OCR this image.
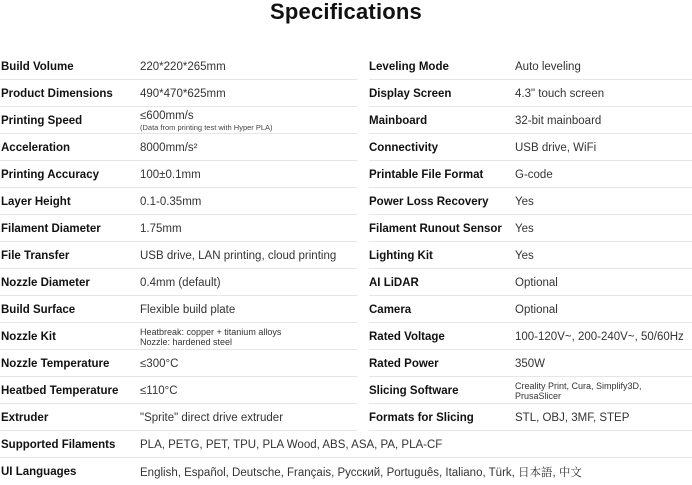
Specifications
Build Volume	220*220*265mm
Product Dimensions 490*470*625mm
Printing Speed	≤600mm/s
(Data from printing test with Hyper PLA)
Acceleration	8000mm/s²
Printing Accuracy	100±0.1mm
Layer Height	0.1-0.35mm
Filament Diameter	1.75mm
File Transfer	USB drive, LAN printing, cloud printing
Nozzle Diameter	0.4mm (default)
Build Surface	Flexible build plate
Nozzle Kit	Heatbreak: copper + titanium alloys
Nozzle: hardened steel
Nozzle Temperature	≤300°C
Heatbed Temperature ≤110°C
Extruder	"Sprite" direct drive extruder
Leveling Mode	Auto leveling
Display Screen	4.3" touch screen
Mainboard	32-bit mainboard
Connectivity	USB drive, WiFi
Printable File Format	G-code
Power Loss Recovery Yes
Filament Runout Sensor Yes
Lighting Kit	Yes
AI LiDAR	Optional
Camera	Optional
Rated Voltage	100-120V~, 200-240V~, 50/60Hz
Rated Power	350W
Slicing Software	Creality Print, Cura, Simplify3D,
PrusaSlicer
Formats for Slicing	STL, OBJ, 3MF, STEP
Supported Filaments PLA, PETG, PET, TPU, PLA Wood, ABS, ASA, PA, PLA-CF
UI Languages	English, Español, Deutsche, Français, Русский, Português, Italiano, Türk, 日本語, 中文
